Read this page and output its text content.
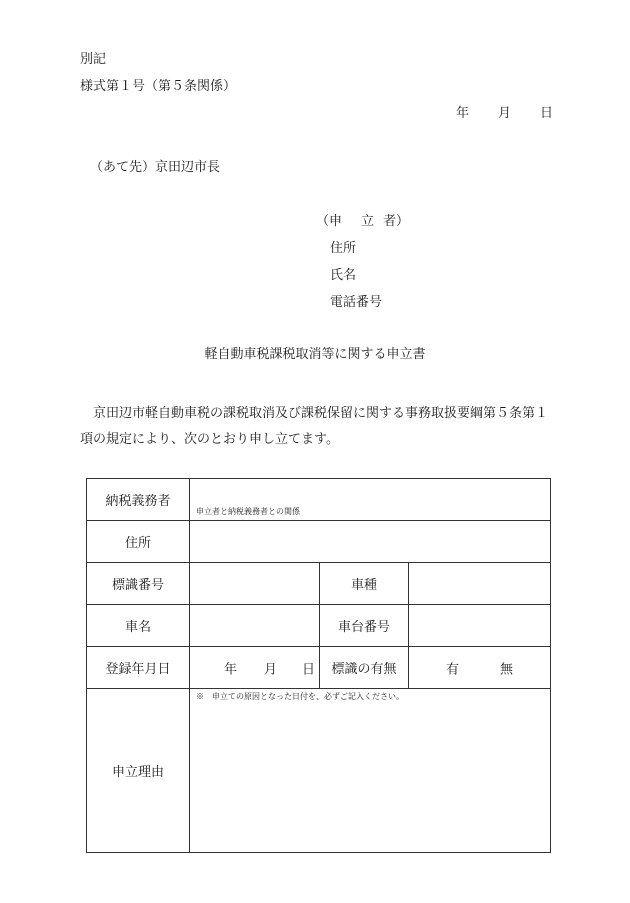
別記
様式第１号（第５条関係）
年 月 日
（あて先）京田辺市長
（申 立 者）
住所
氏名
電話番号
軽自動車税課税取消等に関する申立書
京田辺市軽自動車税の課税取消及び課税保留に関する事務取扱要綱第５条第１項の規定により、次のとおり申し立てます。
納税義務者	申立者と納税義務者との関係		

住所			
標識番号		車種	
車名		車台番号	
登録年月日	年 月 日	標識の有無	有 無

申立理由	※　申立ての原因となった日付を、必ずご記入ください。		
